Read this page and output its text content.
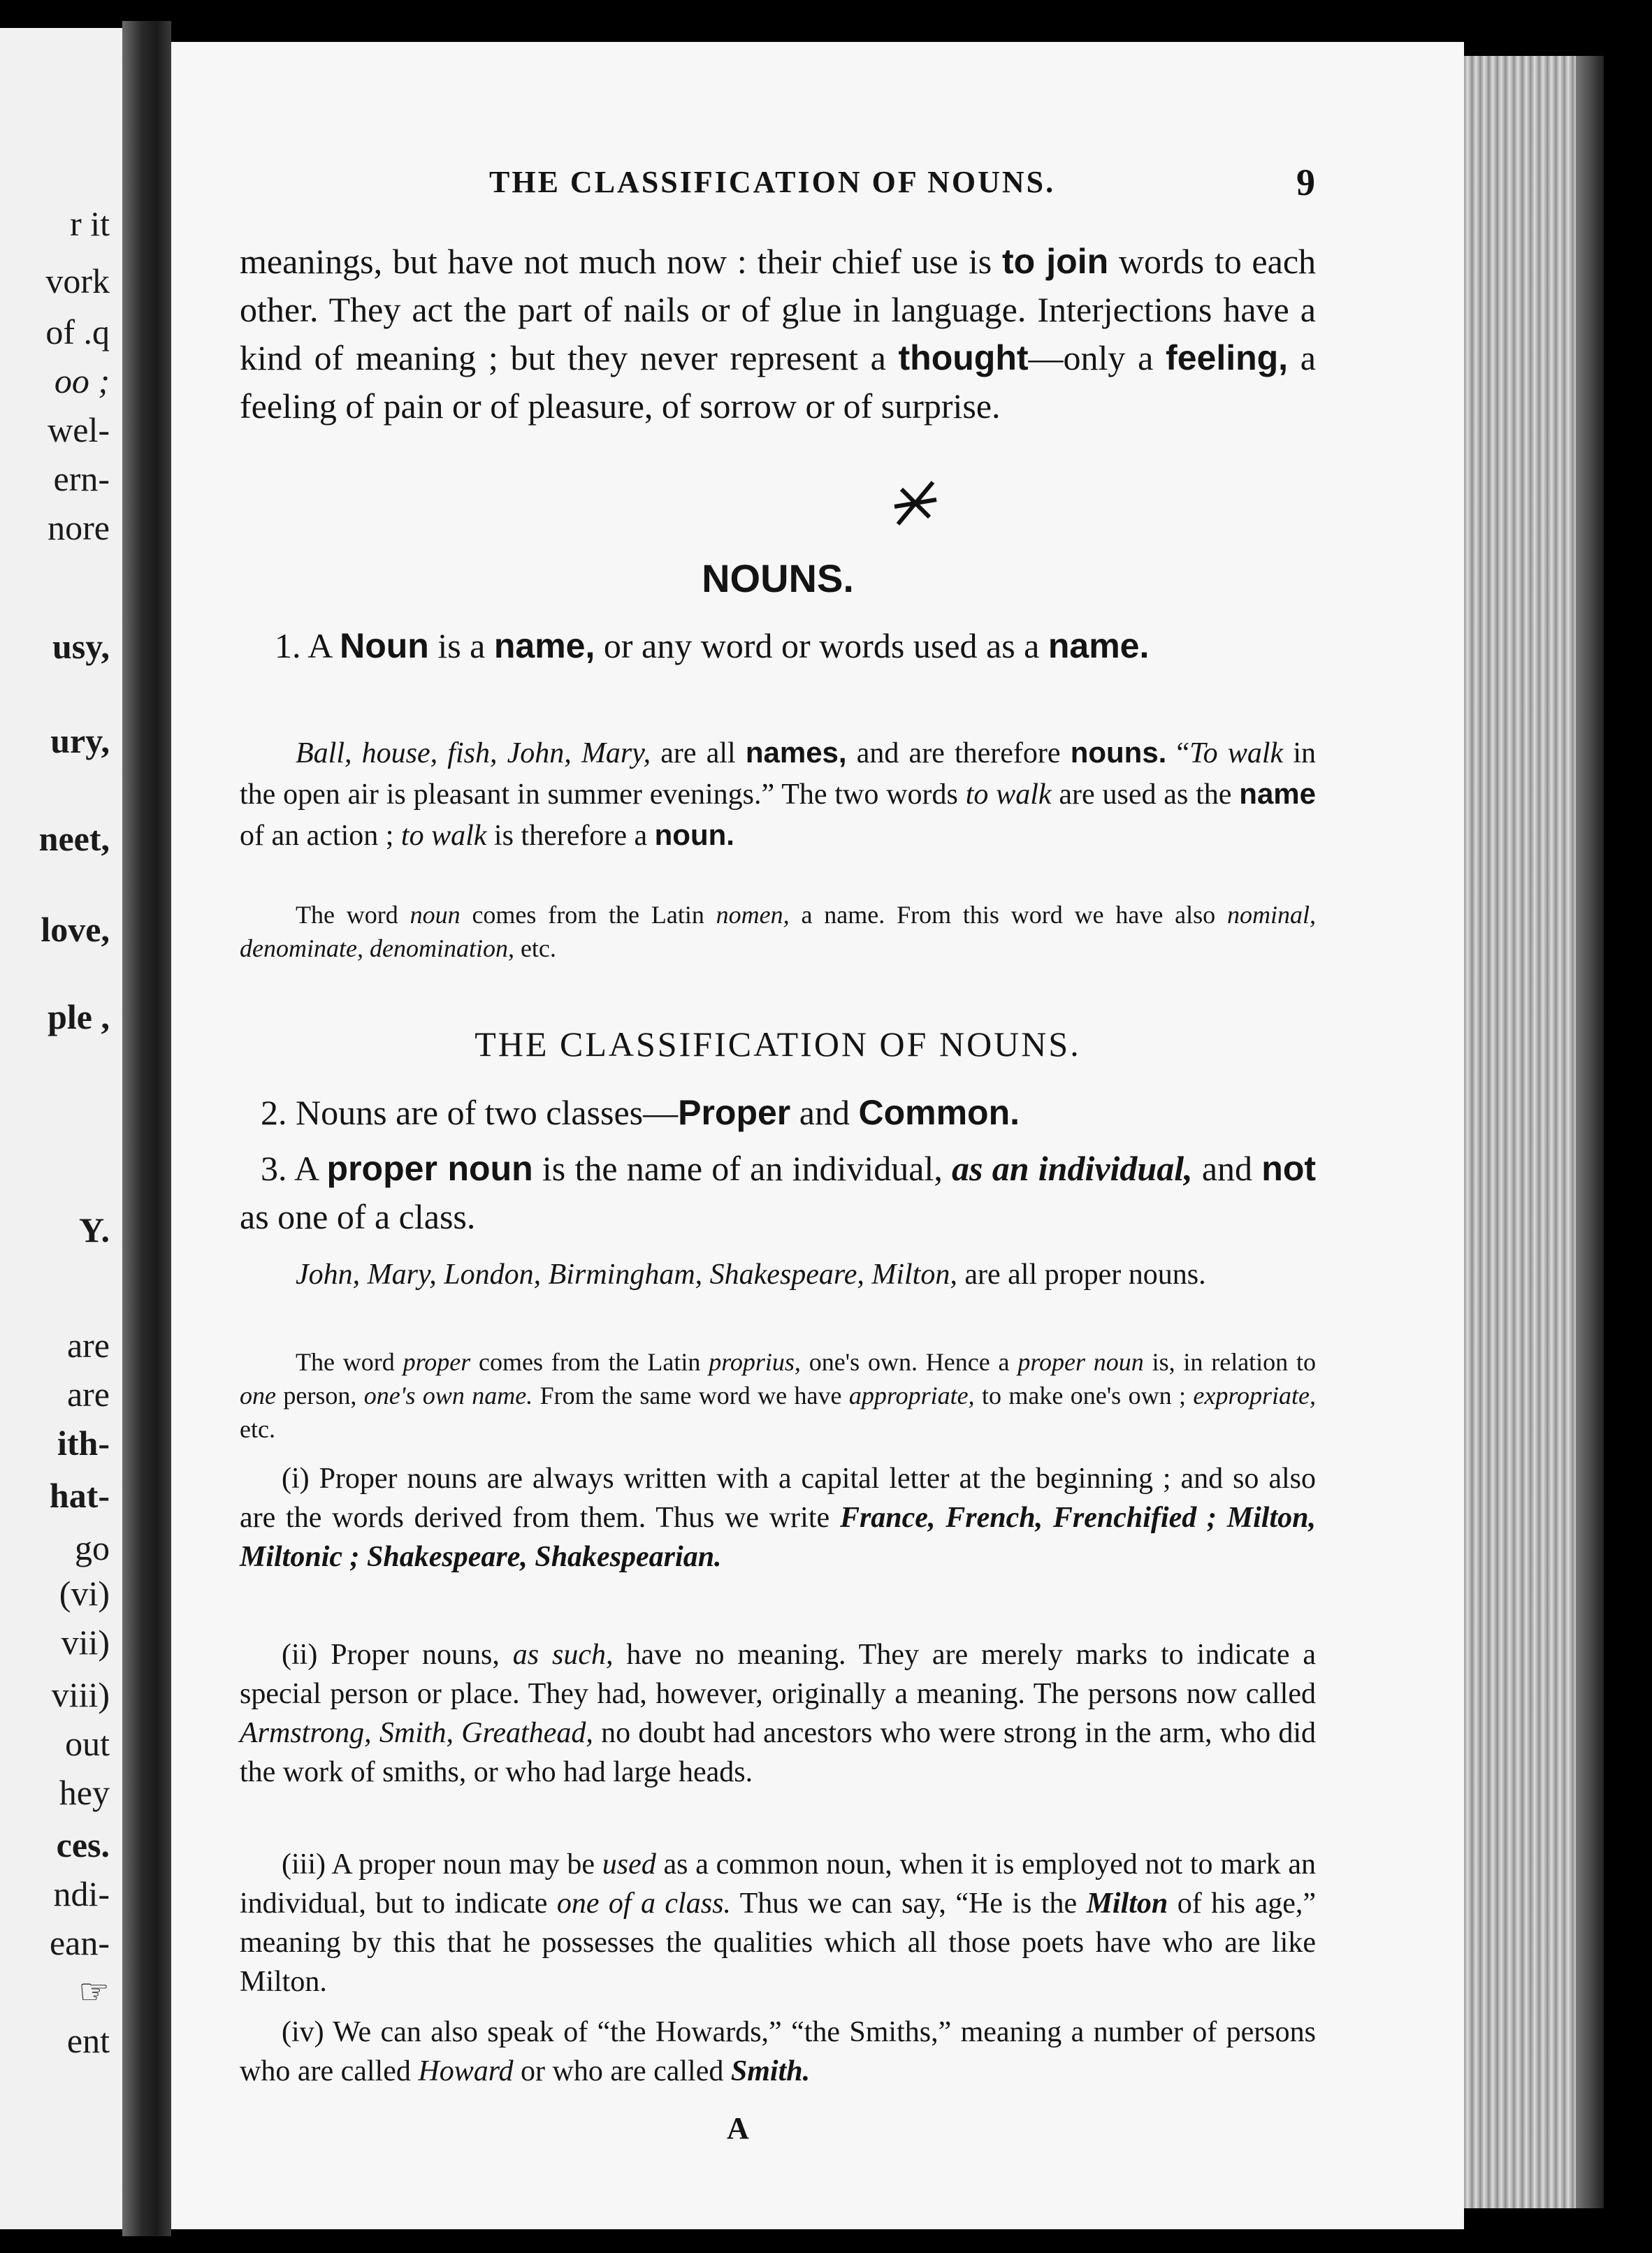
r it
vork
of .q
oo ;
wel-
ern-
nore
usy,
ury,
neet,
love,
ple ,
Y.
are
are
ith-
hat-
go
(vi)
vii)
viii)
out
hey
ces.
ndi-
ean-
☞
ent
THE CLASSIFICATION OF NOUNS.	9

meanings, but have not much now : their chief use is to join words to each other. They act the part of nails or of glue in language. Interjections have a kind of meaning ; but they never represent a thought—only a feeling, a feeling of pain or of pleasure, of sorrow or of surprise.

NOUNS.

1. A Noun is a name, or any word or words used as a name.

Ball, house, fish, John, Mary, are all names, and are therefore nouns. “To walk in the open air is pleasant in summer evenings.” The two words to walk are used as the name of an action ; to walk is therefore a noun.

The word noun comes from the Latin nomen, a name. From this word we have also nominal, denominate, denomination, etc.

THE CLASSIFICATION OF NOUNS.

2. Nouns are of two classes—Proper and Common.

3. A proper noun is the name of an individual, as an individual, and not as one of a class.

John, Mary, London, Birmingham, Shakespeare, Milton, are all proper nouns.

The word proper comes from the Latin proprius, one's own. Hence a proper noun is, in relation to one person, one's own name. From the same word we have appropriate, to make one's own ; expropriate, etc.

(i) Proper nouns are always written with a capital letter at the beginning ; and so also are the words derived from them. Thus we write France, French, Frenchified ; Milton, Miltonic ; Shakespeare, Shakespearian.

(ii) Proper nouns, as such, have no meaning. They are merely marks to indicate a special person or place. They had, however, originally a meaning. The persons now called Armstrong, Smith, Greathead, no doubt had ancestors who were strong in the arm, who did the work of smiths, or who had large heads.

(iii) A proper noun may be used as a common noun, when it is employed not to mark an individual, but to indicate one of a class. Thus we can say, “He is the Milton of his age,” meaning by this that he possesses the qualities which all those poets have who are like Milton.

(iv) We can also speak of “the Howards,” “the Smiths,” meaning a number of persons who are called Howard or who are called Smith.

A
